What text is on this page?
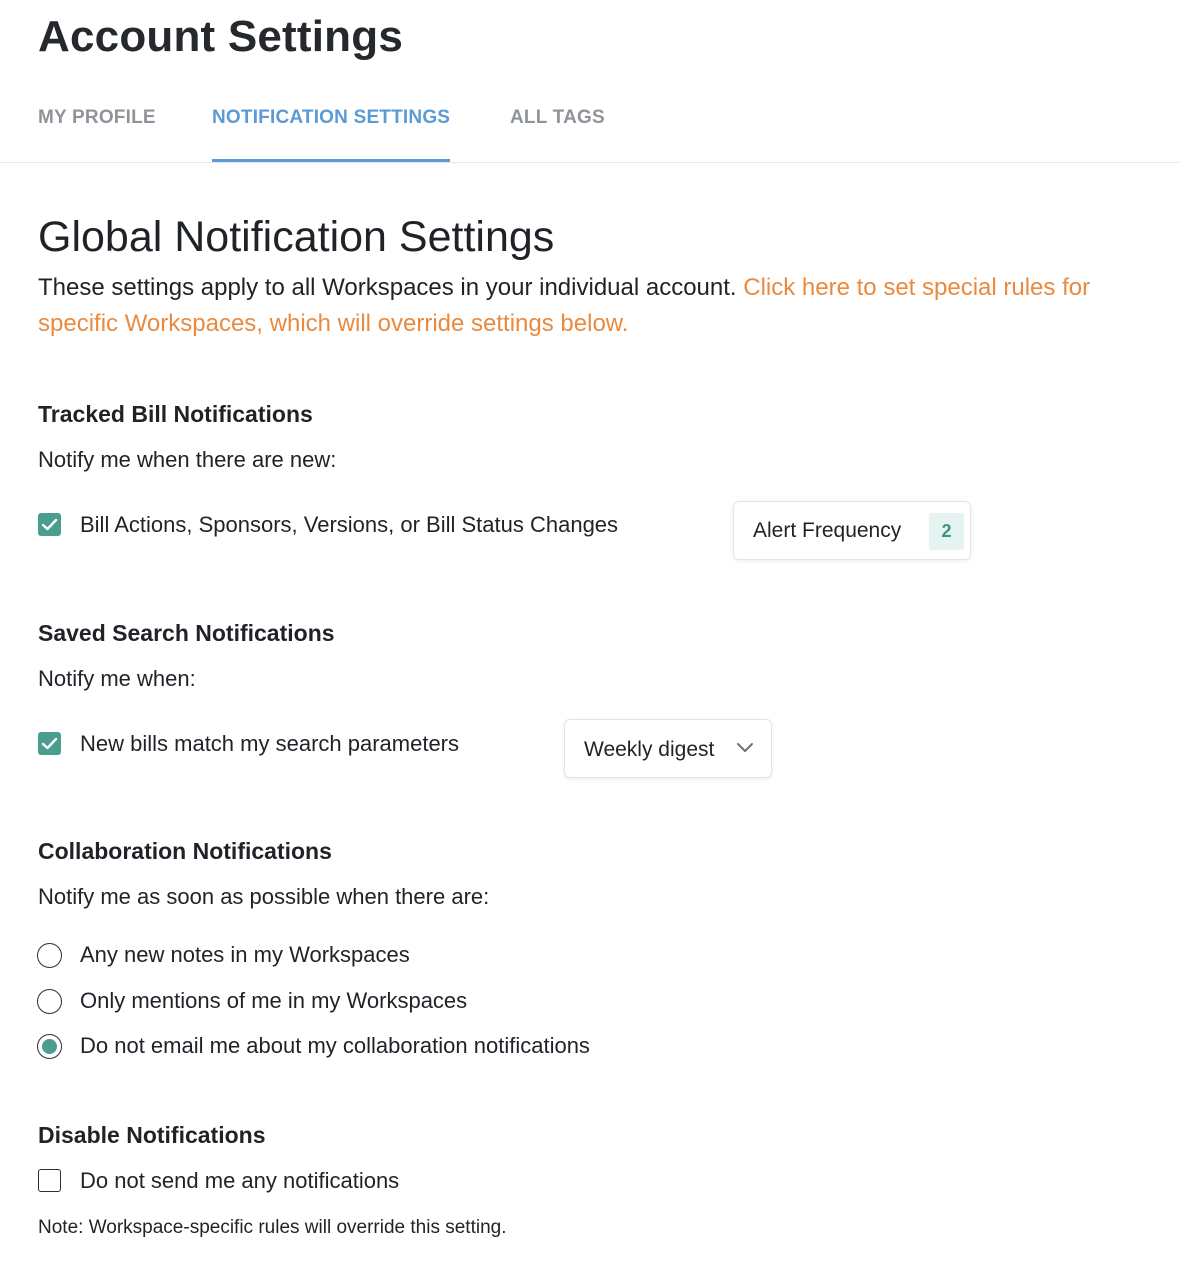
Account Settings
MY PROFILE	NOTIFICATION SETTINGS	ALL TAGS
Global Notification Settings

These settings apply to all Workspaces in your individual account. Click here to set special rules for specific Workspaces, which will override settings below.

Tracked Bill Notifications
Notify me when there are new:
Bill Actions, Sponsors, Versions, or Bill Status Changes	Alert Frequency	2
Saved Search Notifications
Notify me when:
New bills match my search parameters	Weekly digest
Collaboration Notifications
Notify me as soon as possible when there are:
Any new notes in my Workspaces
Only mentions of me in my Workspaces
Do not email me about my collaboration notifications
Disable Notifications
Do not send me any notifications
Note: Workspace-specific rules will override this setting.
